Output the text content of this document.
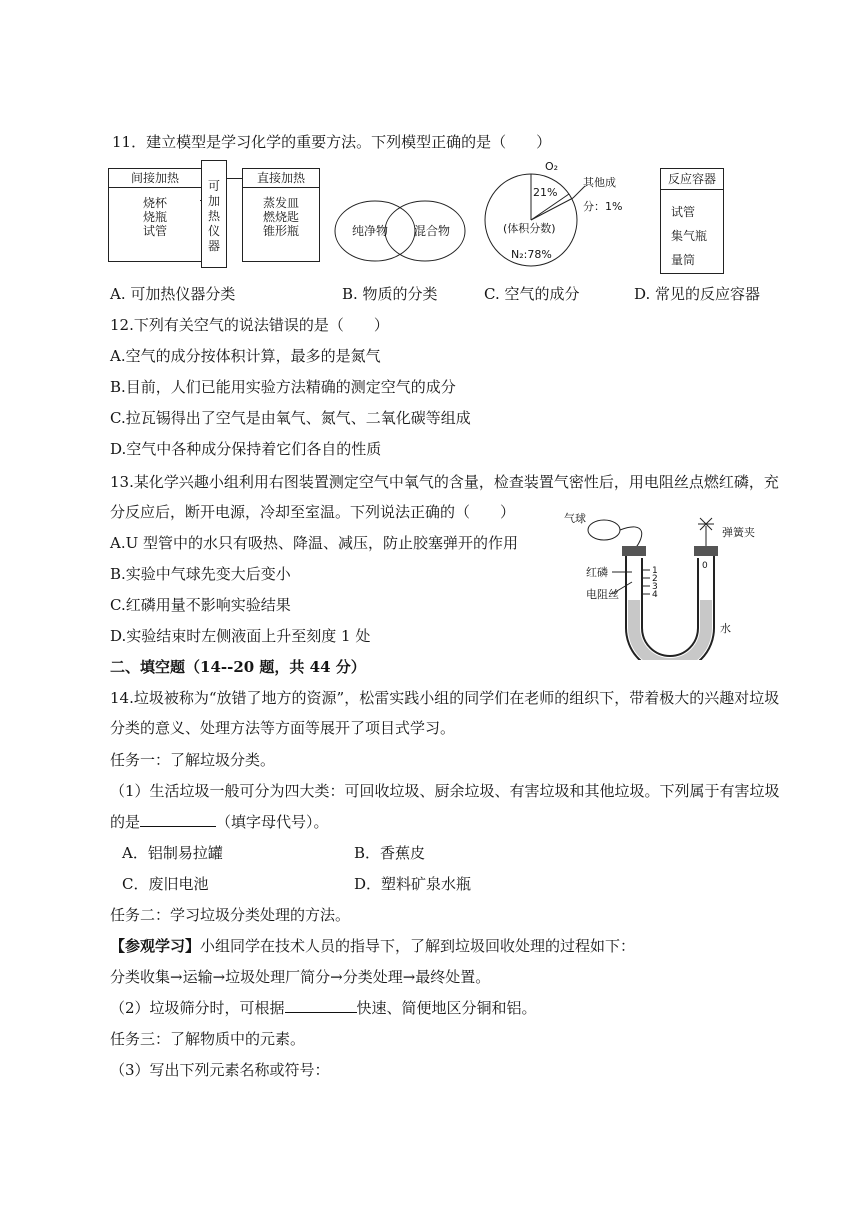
11．建立模型是学习化学的重要方法。下列模型正确的是（　　）
间接加热
烧杯
烧瓶
试管
可加热仪器
直接加热
蒸发皿
燃烧匙
锥形瓶	纯净物 混合物
O₂
21%
其他成
分：1%
(体积分数)
N₂:78%
反应容器
试管
集气瓶
量筒
A. 可加热仪器分类	B. 物质的分类	C. 空气的成分	D. 常见的反应容器
12.下列有关空气的说法错误的是（　　）
A.空气的成分按体积计算，最多的是氮气
B.目前，人们已能用实验方法精确的测定空气的成分
C.拉瓦锡得出了空气是由氧气、氮气、二氧化碳等组成
D.空气中各种成分保持着它们各自的性质
13.某化学兴趣小组利用右图装置测定空气中氧气的含量，检查装置气密性后，用电阻丝点燃红磷，充
分反应后，断开电源，冷却至室温。下列说法正确的（　　）
A.U 型管中的水只有吸热、降温、减压，防止胶塞弹开的作用
B.实验中气球先变大后变小
C.红磷用量不影响实验结果
D.实验结束时左侧液面上升至刻度 1 处
1
2
3
4
0
气球
弹簧夹
红磷
电阻丝
水
二、填空题（14--20 题，共 44 分）
14.垃圾被称为“放错了地方的资源”，松雷实践小组的同学们在老师的组织下，带着极大的兴趣对垃圾
分类的意义、处理方法等方面等展开了项目式学习。
任务一：了解垃圾分类。
（1）生活垃圾一般可分为四大类：可回收垃圾、厨余垃圾、有害垃圾和其他垃圾。下列属于有害垃圾
的是	（填字母代号）。
A．铝制易拉罐	B．香蕉皮
C．废旧电池	D．塑料矿泉水瓶
任务二：学习垃圾分类处理的方法。
【参观学习】小组同学在技术人员的指导下，了解到垃圾回收处理的过程如下：
分类收集→运输→垃圾处理厂简分→分类处理→最终处置。
（2）垃圾筛分时，可根据	快速、简便地区分铜和铝。
任务三：了解物质中的元素。
（3）写出下列元素名称或符号：
